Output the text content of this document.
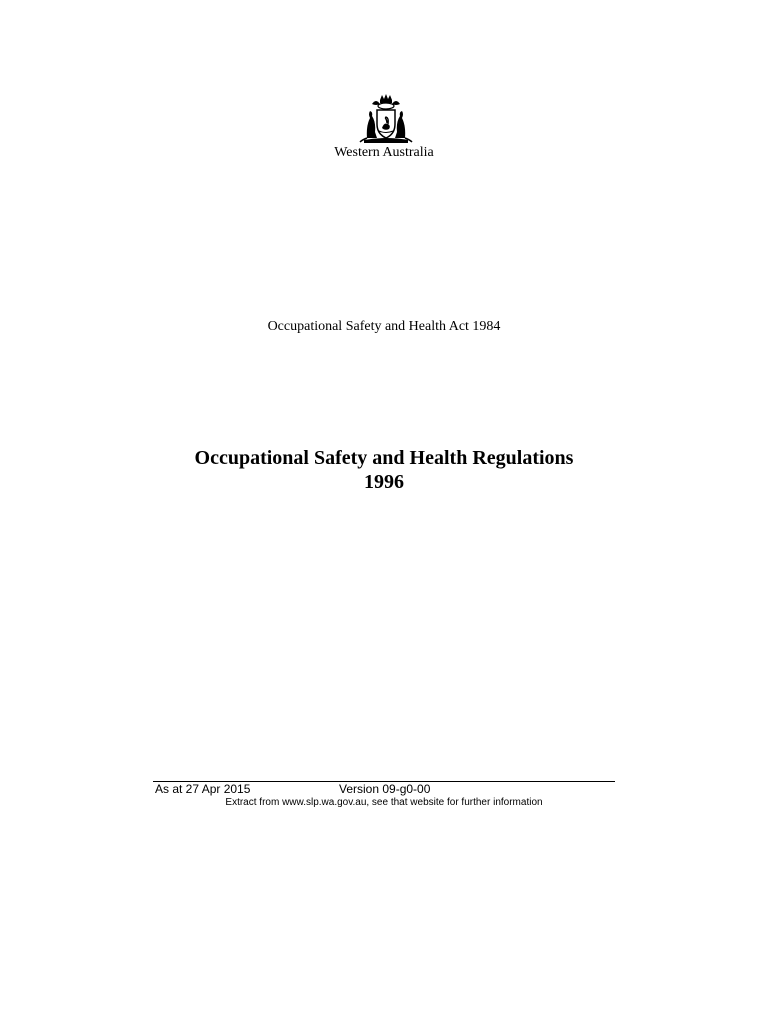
Western Australia
Occupational Safety and Health Act 1984
Occupational Safety and Health Regulations
1996
As at 27 Apr 2015	Version 09-g0-00
Extract from www.slp.wa.gov.au, see that website for further information
